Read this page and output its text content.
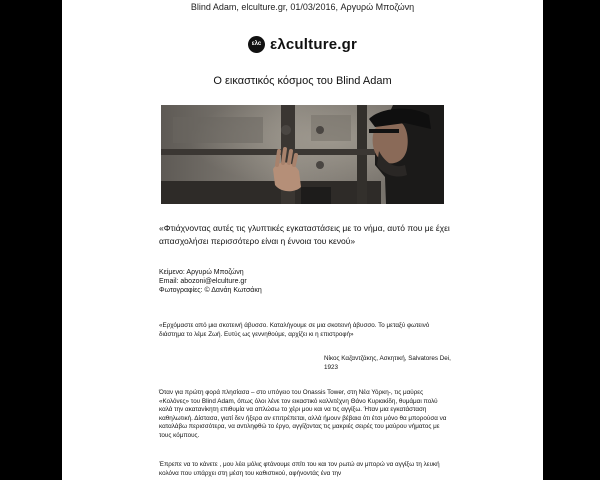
Blind Adam, elculture.gr, 01/03/2016, Αργυρώ Μποζώνη
ελc ελculture.gr
Ο εικαστικός κόσμος του Blind Adam
«Φτιάχνοντας αυτές τις γλυπτικές εγκαταστάσεις με το νήμα, αυτό που με έχει απασχολήσει περισσότερο είναι η έννοια του κενού»
Κείμενο: Αργυρώ Μποζώνη
Email: abozoni@elculture.gr
Φωτογραφίες: © Δανάη Κωτσάκη
«Ερχόμαστε από μια σκοτεινή άβυσσο. Καταλήγουμε σε μια σκοτεινή άβυσσο. Το μεταξύ φωτεινό διάστημα το λέμε Ζωή. Ευτύς ως γεννηθούμε, αρχίζει κι η επιστροφή»
Νίκος Καζαντζάκης, Ασκητική, Salvatores Dei, 1923
Όταν για πρώτη φορά πλησίασα – στο υπόγειο του Onassis Tower, στη Νέα Υόρκη-, τις μαύρες «Κολόνες» του Blind Adam, όπως όλοι λένε τον εικαστικό καλλιτέχνη Θάνο Κυριακίδη, θυμάμαι πολύ καλά την ακατανίκητη επιθυμία να απλώσω το χέρι μου και να τις αγγίξω. Ήταν μια εγκατάσταση καθηλωτική. Δίστασα, γιατί δεν ήξερα αν επιτρέπεται, αλλά ήμουν βέβαια ότι έτσι μόνο θα μπορούσα να καταλάβω περισσότερα, να αντιληφθώ το έργο, αγγίζοντας τις μακριές σειρές του μαύρου νήματος με τους κόμπους.
Έπρεπε να το κάνετε , μου λέει μόλις φτάνουμε σπίτι του και τον ρωτώ αν μπορώ να αγγίξω τη λευκή κολόνα που υπάρχει στη μέση του καθιστικού, αφήνοντάς ένα την
